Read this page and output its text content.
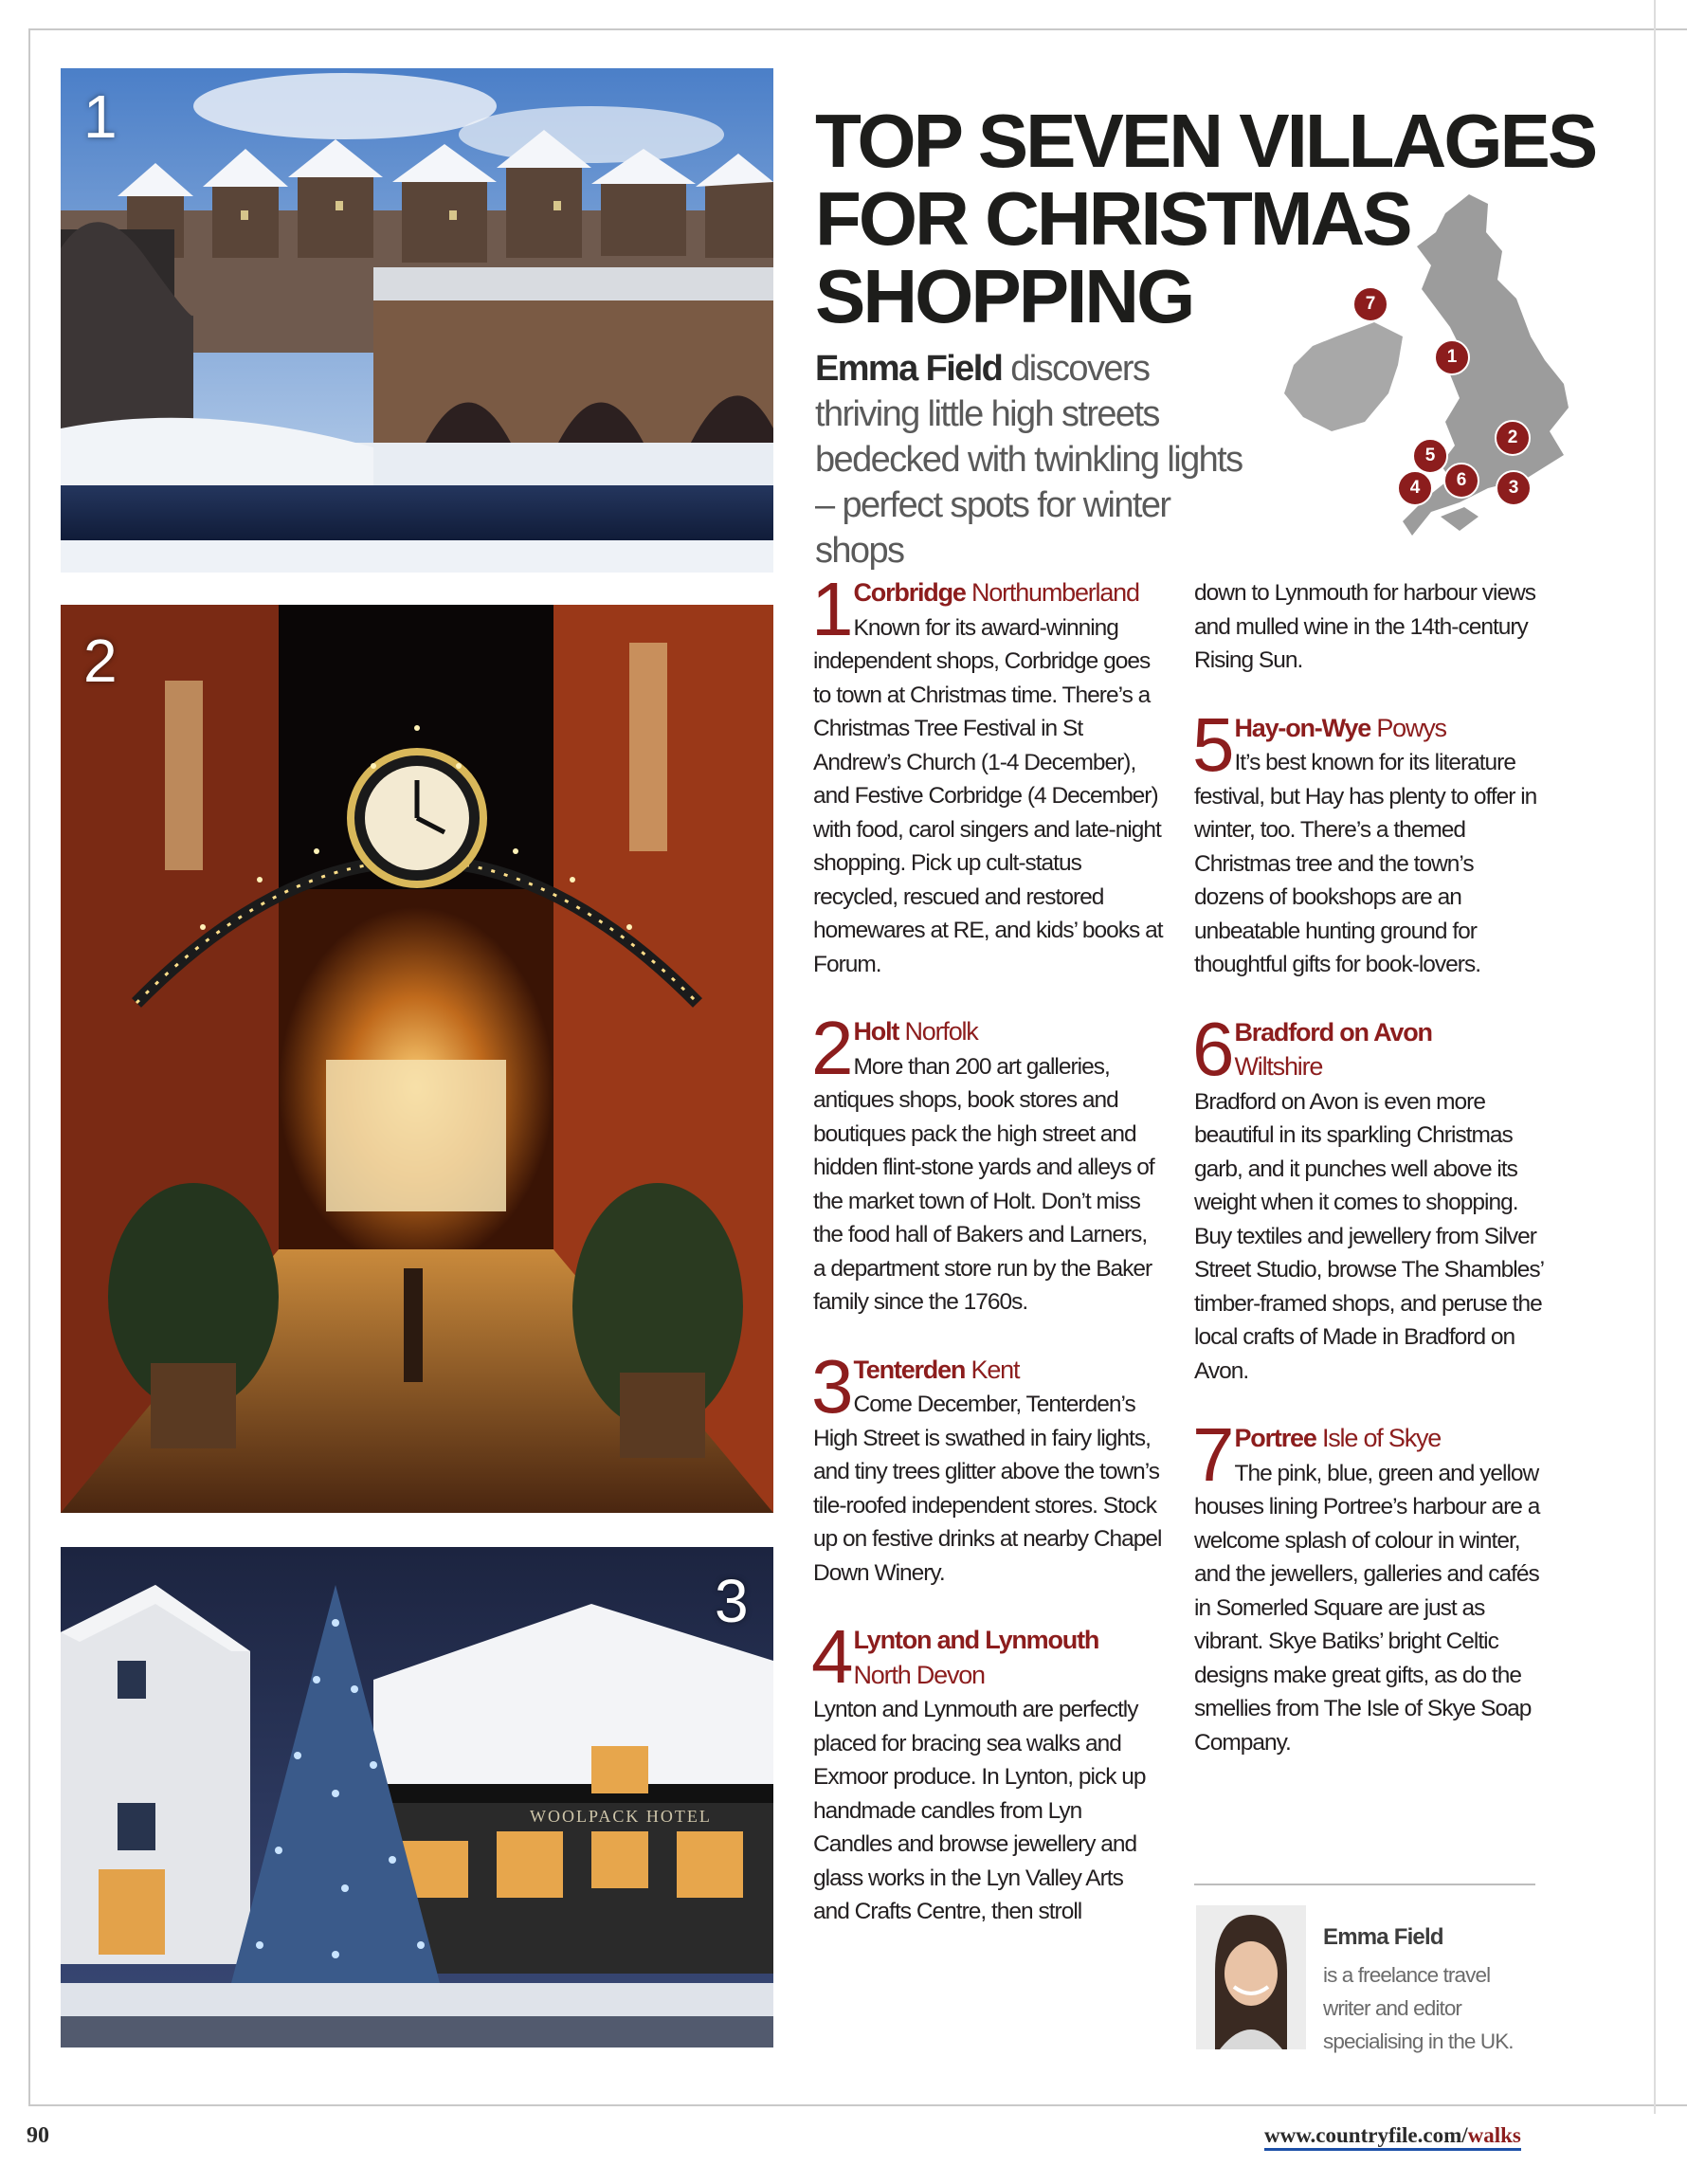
1
2
WOOLPACK HOTEL
3
TOP SEVEN VILLAGES
FOR CHRISTMAS
SHOPPING
Emma Field discovers thriving little high streets bedecked with twinkling lights – perfect spots for winter shops
7
1
2
5
6
4	3
1 Corbridge Northumberland
Known for its award-winning independent shops, Corbridge goes to town at Christmas time. There’s a Christmas Tree Festival in St Andrew’s Church (1-4 December), and Festive Corbridge (4 December) with food, carol singers and late-night shopping. Pick up cult-status recycled, rescued and restored homewares at RE, and kids’ books at Forum.
2 Holt Norfolk
More than 200 art galleries, antiques shops, book stores and boutiques pack the high street and hidden flint-stone yards and alleys of the market town of Holt. Don’t miss the food hall of Bakers and Larners, a department store run by the Baker family since the 1760s.
3 Tenterden Kent
Come December, Tenterden’s High Street is swathed in fairy lights, and tiny trees glitter above the town’s tile-roofed independent stores. Stock up on festive drinks at nearby Chapel Down Winery.
4 Lynton and Lynmouth
North Devon
Lynton and Lynmouth are perfectly placed for bracing sea walks and Exmoor produce. In Lynton, pick up handmade candles from Lyn Candles and browse jewellery and glass works in the Lyn Valley Arts and Crafts Centre, then stroll
down to Lynmouth for harbour views and mulled wine in the 14th-century Rising Sun.
5 Hay-on-Wye Powys
It’s best known for its literature festival, but Hay has plenty to offer in winter, too. There’s a themed Christmas tree and the town’s dozens of bookshops are an unbeatable hunting ground for thoughtful gifts for book-lovers.
6 Bradford on Avon
Wiltshire
Bradford on Avon is even more beautiful in its sparkling Christmas garb, and it punches well above its weight when it comes to shopping. Buy textiles and jewellery from Silver Street Studio, browse The Shambles’ timber-framed shops, and peruse the local crafts of Made in Bradford on Avon.
7 Portree Isle of Skye
The pink, blue, green and yellow houses lining Portree’s harbour are a welcome splash of colour in winter, and the jewellers, galleries and cafés in Somerled Square are just as vibrant. Skye Batiks’ bright Celtic designs make great gifts, as do the smellies from The Isle of Skye Soap Company.
Emma Field
is a freelance travel writer and editor specialising in the UK.
90	www.countryfile.com/walks
